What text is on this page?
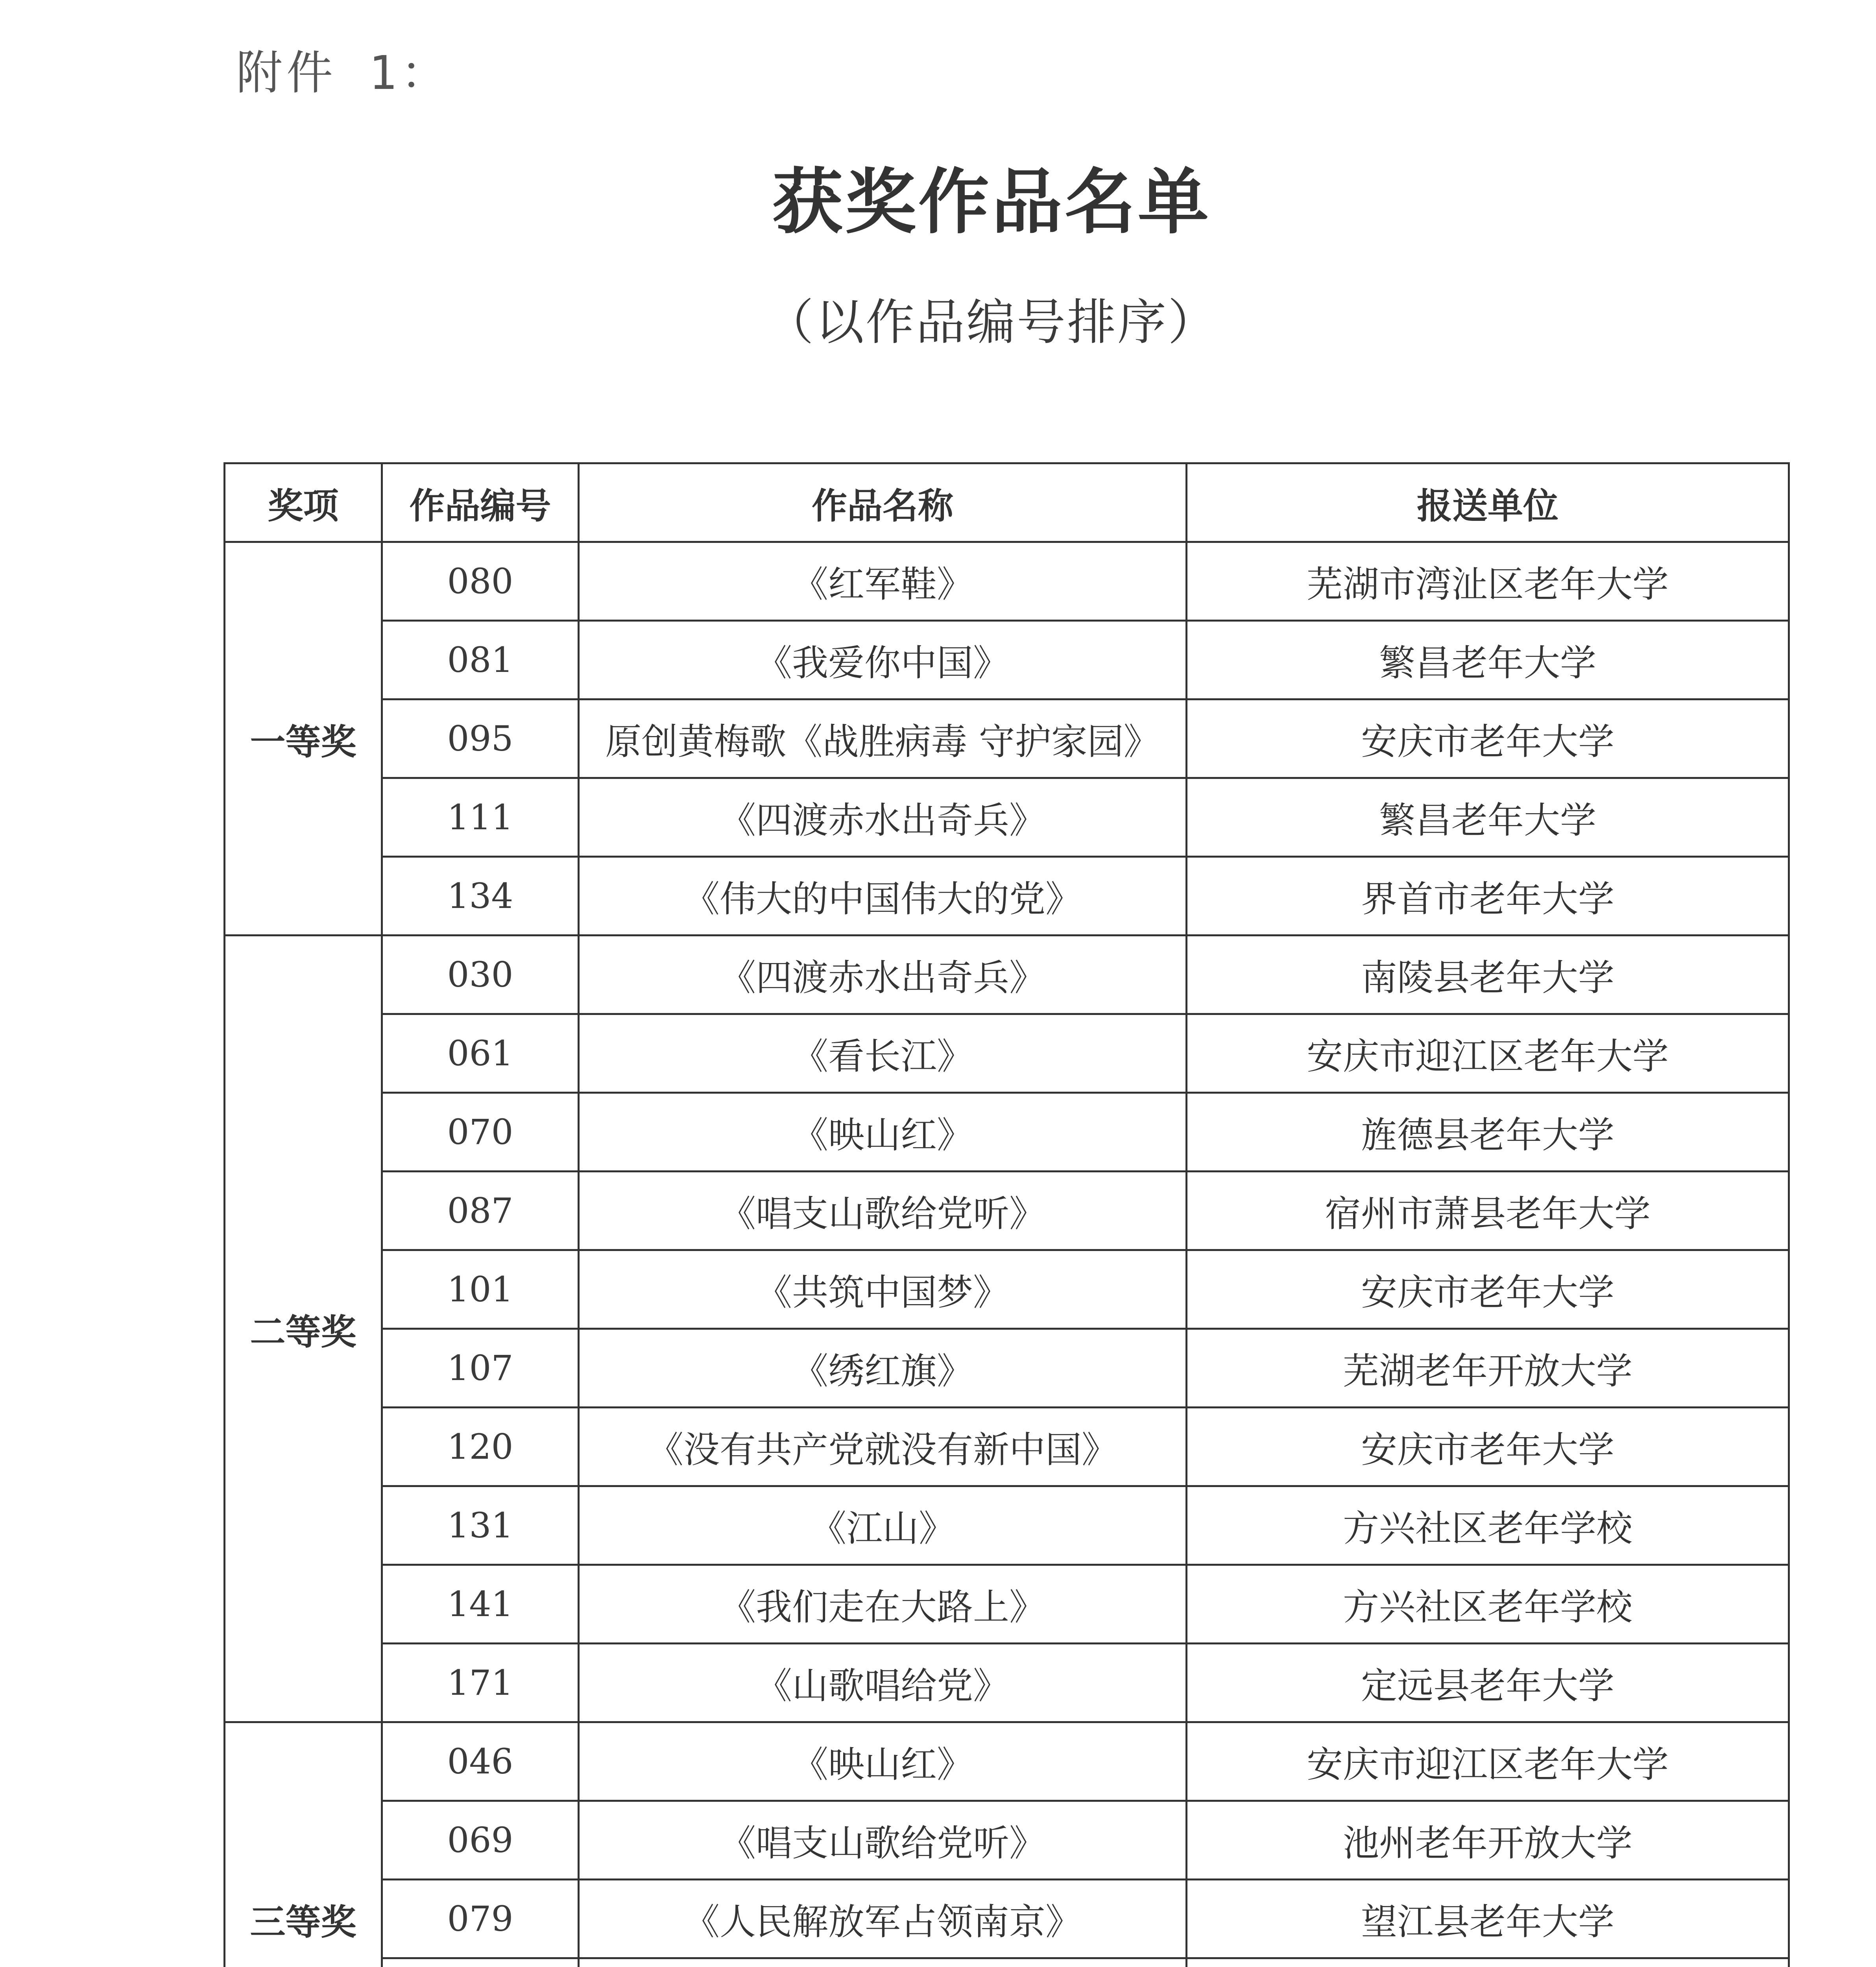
附件 1：
获奖作品名单
（以作品编号排序）
奖项	作品编号	作品名称	报送单位
一等奖	080	《红军鞋》	芜湖市湾沚区老年大学
	081	《我爱你中国》	繁昌老年大学
	095	原创黄梅歌《战胜病毒 守护家园》	安庆市老年大学
	111	《四渡赤水出奇兵》	繁昌老年大学
	134	《伟大的中国伟大的党》	界首市老年大学
二等奖	030	《四渡赤水出奇兵》	南陵县老年大学
	061	《看长江》	安庆市迎江区老年大学
	070	《映山红》	旌德县老年大学
	087	《唱支山歌给党听》	宿州市萧县老年大学
	101	《共筑中国梦》	安庆市老年大学
	107	《绣红旗》	芜湖老年开放大学
	120	《没有共产党就没有新中国》	安庆市老年大学
	131	《江山》	方兴社区老年学校
	141	《我们走在大路上》	方兴社区老年学校
	171	《山歌唱给党》	定远县老年大学
三等奖	046	《映山红》	安庆市迎江区老年大学
	069	《唱支山歌给党听》	池州老年开放大学
	079	《人民解放军占领南京》	望江县老年大学
